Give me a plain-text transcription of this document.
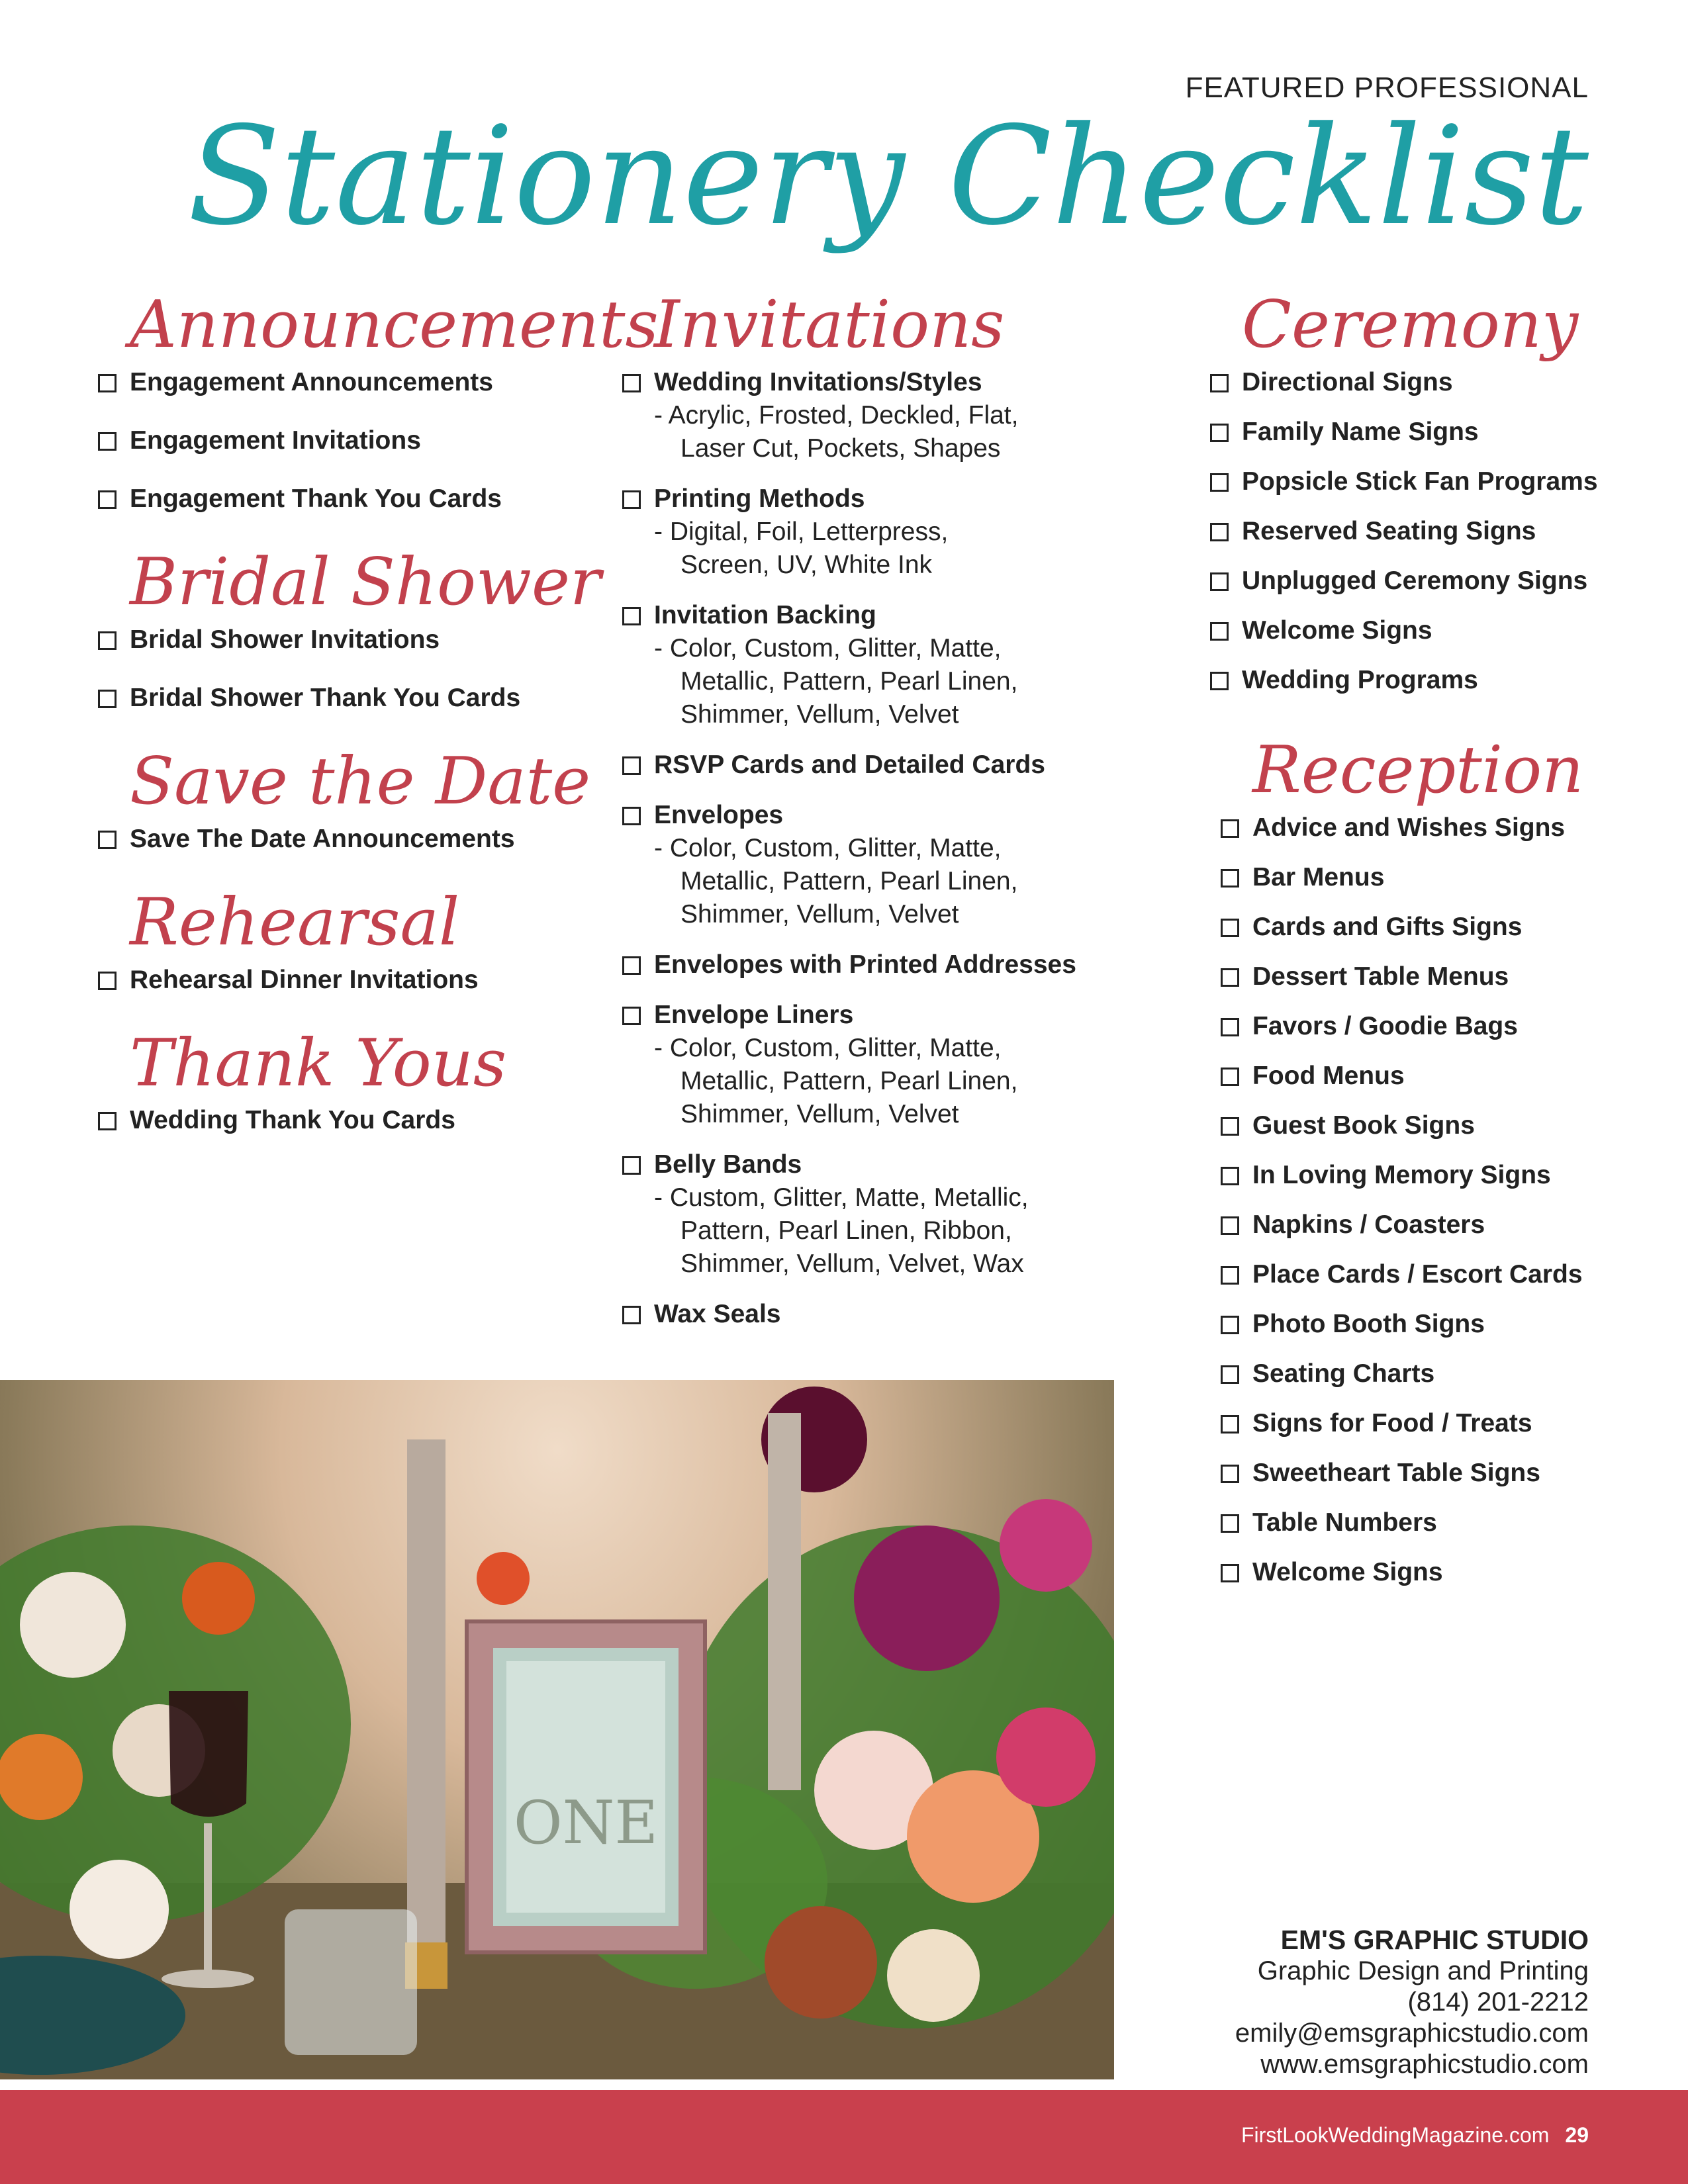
FEATURED PROFESSIONAL
Stationery Checklist
Announcements
Engagement Announcements
Engagement Invitations
Engagement Thank You Cards
Bridal Shower
Bridal Shower Invitations
Bridal Shower Thank You Cards
Save the Date
Save The Date Announcements
Rehearsal
Rehearsal Dinner Invitations
Thank Yous
Wedding Thank You Cards
Invitations
Wedding Invitations/Styles
- Acrylic, Frosted, Deckled, Flat,
Laser Cut, Pockets, Shapes
Printing Methods
- Digital, Foil, Letterpress,
Screen, UV, White Ink
Invitation Backing
- Color, Custom, Glitter, Matte,
Metallic, Pattern, Pearl Linen,
Shimmer, Vellum, Velvet
RSVP Cards and Detailed Cards
Envelopes
- Color, Custom, Glitter, Matte,
Metallic, Pattern, Pearl Linen,
Shimmer, Vellum, Velvet
Envelopes with Printed Addresses
Envelope Liners
- Color, Custom, Glitter, Matte,
Metallic, Pattern, Pearl Linen,
Shimmer, Vellum, Velvet
Belly Bands
- Custom, Glitter, Matte, Metallic,
Pattern, Pearl Linen, Ribbon,
Shimmer, Vellum, Velvet, Wax
Wax Seals
Ceremony
Directional Signs
Family Name Signs
Popsicle Stick Fan Programs
Reserved Seating Signs
Unplugged Ceremony Signs
Welcome Signs
Wedding Programs
Reception
Advice and Wishes Signs
Bar Menus
Cards and Gifts Signs
Dessert Table Menus
Favors / Goodie Bags
Food Menus
Guest Book Signs
In Loving Memory Signs
Napkins / Coasters
Place Cards / Escort Cards
Photo Booth Signs
Seating Charts
Signs for Food / Treats
Sweetheart Table Signs
Table Numbers
Welcome Signs
ONE
EM'S GRAPHIC STUDIO
Graphic Design and Printing
(814) 201-2212
emily@emsgraphicstudio.com
www.emsgraphicstudio.com
FirstLookWeddingMagazine.com 29
